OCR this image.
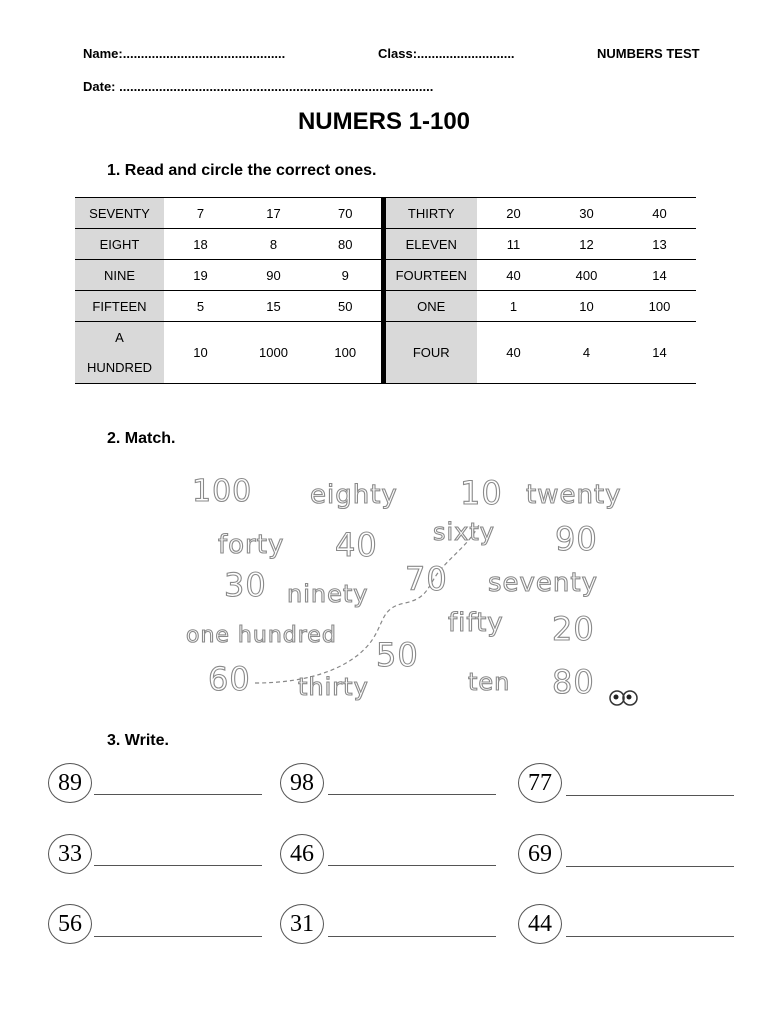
Name:.............................................	Class:...........................	NUMBERS TEST
Date: .......................................................................................
NUMERS 1-100
1. Read and circle the correct ones.
SEVENTY	7	17	70	THIRTY	20	30	40
EIGHT	18	8	80	ELEVEN	11	12	13
NINE	19	90	9	FOURTEEN	40	400	14
FIFTEEN	5	15	50	ONE	1	10	100

A
HUNDRED	10	1000	100	FOUR	40	4	14
2. Match.
100 eighty 10 twenty
forty 40 sixty 90
30 ninety 70 seventy
one hundred	fifty 20
50
60 thirty	ten 80
3. Write.
89	98	77
33	46	69
56	31	44
